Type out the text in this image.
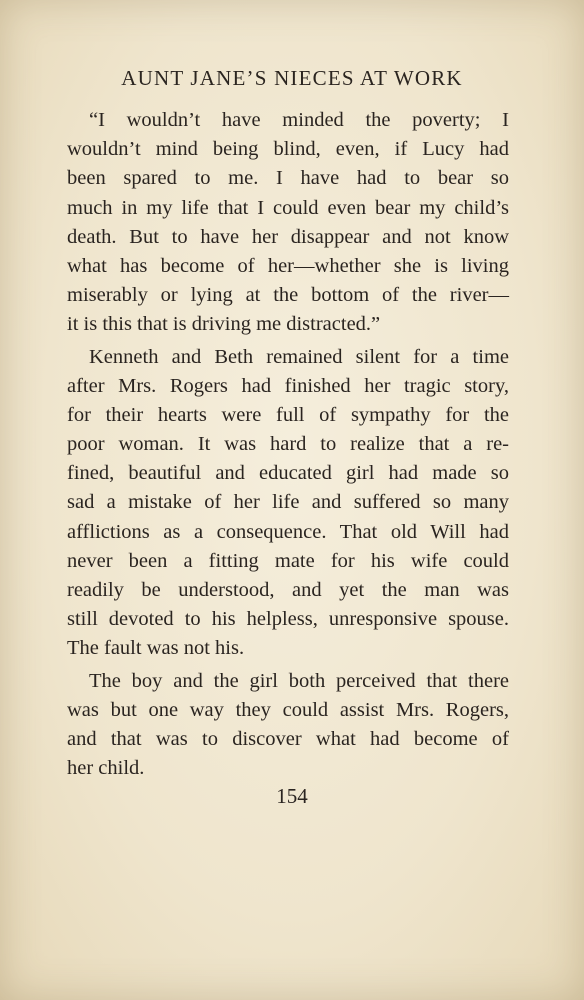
AUNT JANE’S NIECES AT WORK
“I wouldn’t have minded the poverty; I
wouldn’t mind being blind, even, if Lucy had
been spared to me. I have had to bear so
much in my life that I could even bear my child’s
death. But to have her disappear and not know
what has become of her—whether she is living
miserably or lying at the bottom of the river—
it is this that is driving me distracted.”
Kenneth and Beth remained silent for a time
after Mrs. Rogers had finished her tragic story,
for their hearts were full of sympathy for the
poor woman. It was hard to realize that a re-
fined, beautiful and educated girl had made so
sad a mistake of her life and suffered so many
afflictions as a consequence. That old Will had
never been a fitting mate for his wife could
readily be understood, and yet the man was
still devoted to his helpless, unresponsive spouse.
The fault was not his.
The boy and the girl both perceived that there
was but one way they could assist Mrs. Rogers,
and that was to discover what had become of
her child.
154
